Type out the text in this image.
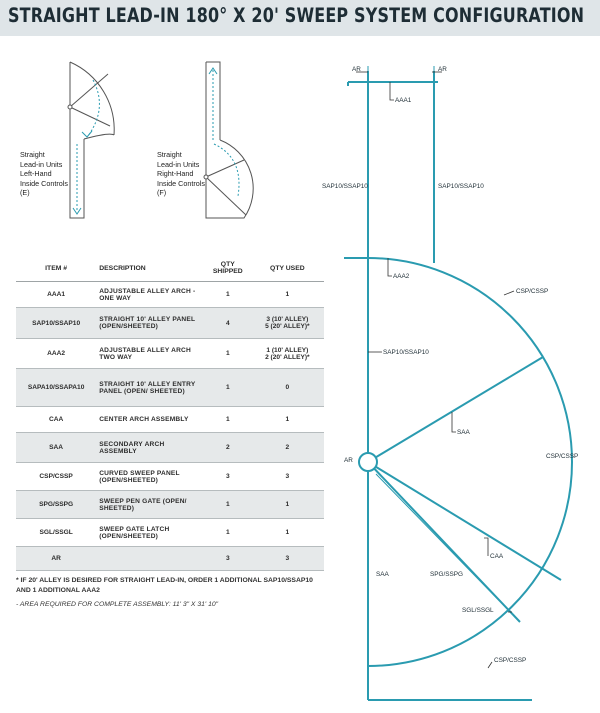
STRAIGHT LEAD-IN 180° X 20' SWEEP SYSTEM CONFIGURATION
Straight
Lead-in Units
Left-Hand
Inside Controls
(E)
Straight
Lead-in Units
Right-Hand
Inside Controls
(F)
ITEM #	DESCRIPTION	QTY SHIPPED	QTY USED
AAA1	ADJUSTABLE ALLEY ARCH - ONE WAY	1	1
SAP10/SSAP10	STRAIGHT 10' ALLEY PANEL (OPEN/SHEETED)	4	3 (10' ALLEY)
5 (20' ALLEY)*
AAA2	ADJUSTABLE ALLEY ARCH TWO WAY	1	1 (10' ALLEY)
2 (20' ALLEY)*
SAPA10/SSAPA10	STRAIGHT 10' ALLEY ENTRY PANEL (OPEN/ SHEETED)	1	0
CAA	CENTER ARCH ASSEMBLY	1	1
SAA	SECONDARY ARCH ASSEMBLY	2	2
CSP/CSSP	CURVED SWEEP PANEL (OPEN/SHEETED)	3	3
SPG/SSPG	SWEEP PEN GATE (OPEN/ SHEETED)	1	1
SGL/SSGL	SWEEP GATE LATCH (OPEN/SHEETED)	1	1
AR		3	3
* IF 20' ALLEY IS DESIRED FOR STRAIGHT LEAD-IN, ORDER 1 ADDITIONAL SAP10/SSAP10 AND 1 ADDITIONAL AAA2
- AREA REQUIRED FOR COMPLETE ASSEMBLY: 11' 3" X 31' 10"
AR	AR
AAA1
SAP10/SSAP10	SAP10/SSAP10
AAA2
CSP/CSSP
SAP10/SSAP10
SAA
AR
CSP/CSSP
CAA
SAA	SPG/SSPG
SGL/SSGL
CSP/CSSP
